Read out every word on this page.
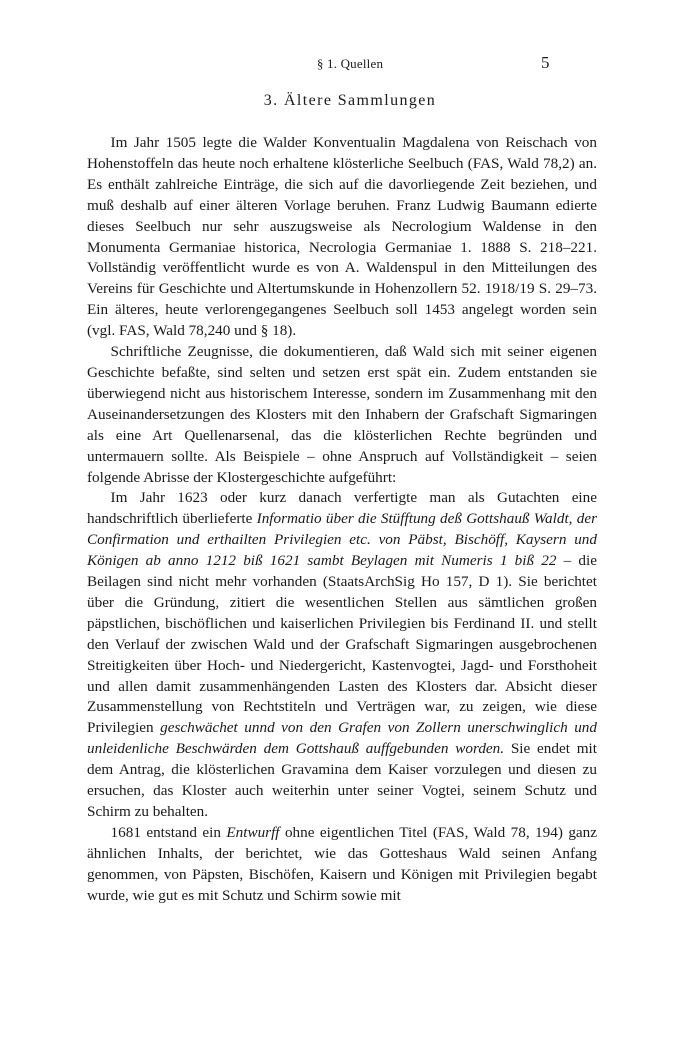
§ 1. Quellen	5
3. Ältere Sammlungen

Im Jahr 1505 legte die Walder Konventualin Magdalena von Reischach von Hohenstoffeln das heute noch erhaltene klösterliche Seelbuch (FAS, Wald 78,2) an. Es enthält zahlreiche Einträge, die sich auf die davorliegende Zeit beziehen, und muß deshalb auf einer älteren Vorlage beruhen. Franz Ludwig Baumann edierte dieses Seelbuch nur sehr auszugsweise als Necrologium Waldense in den Monumenta Germaniae historica, Necrologia Germaniae 1. 1888 S. 218–221. Vollständig veröffentlicht wurde es von A. Waldenspul in den Mitteilungen des Vereins für Geschichte und Altertumskunde in Hohenzollern 52. 1918/19 S. 29–73. Ein älteres, heute verlorengegangenes Seelbuch soll 1453 angelegt worden sein (vgl. FAS, Wald 78,240 und § 18).

Schriftliche Zeugnisse, die dokumentieren, daß Wald sich mit seiner eigenen Geschichte befaßte, sind selten und setzen erst spät ein. Zudem entstanden sie überwiegend nicht aus historischem Interesse, sondern im Zusammenhang mit den Auseinandersetzungen des Klosters mit den Inhabern der Grafschaft Sigmaringen als eine Art Quellenarsenal, das die klösterlichen Rechte begründen und untermauern sollte. Als Beispiele – ohne Anspruch auf Vollständigkeit – seien folgende Abrisse der Klostergeschichte aufgeführt:

Im Jahr 1623 oder kurz danach verfertigte man als Gutachten eine handschriftlich überlieferte Informatio über die Stüfftung deß Gottshauß Waldt, der Confirmation und erthailten Privilegien etc. von Päbst, Bischöff, Kaysern und Königen ab anno 1212 biß 1621 sambt Beylagen mit Numeris 1 biß 22 – die Beilagen sind nicht mehr vorhanden (StaatsArchSig Ho 157, D 1). Sie berichtet über die Gründung, zitiert die wesentlichen Stellen aus sämtlichen großen päpstlichen, bischöflichen und kaiserlichen Privilegien bis Ferdinand II. und stellt den Verlauf der zwischen Wald und der Grafschaft Sigmaringen ausgebrochenen Streitigkeiten über Hoch- und Niedergericht, Kastenvogtei, Jagd- und Forsthoheit und allen damit zusammenhängenden Lasten des Klosters dar. Absicht dieser Zusammenstellung von Rechtstiteln und Verträgen war, zu zeigen, wie diese Privilegien geschwächet unnd von den Grafen von Zollern unerschwinglich und unleidenliche Beschwärden dem Gottshauß auffgebunden worden. Sie endet mit dem Antrag, die klösterlichen Gravamina dem Kaiser vorzulegen und diesen zu ersuchen, das Kloster auch weiterhin unter seiner Vogtei, seinem Schutz und Schirm zu behalten.

1681 entstand ein Entwurff ohne eigentlichen Titel (FAS, Wald 78, 194) ganz ähnlichen Inhalts, der berichtet, wie das Gotteshaus Wald seinen Anfang genommen, von Päpsten, Bischöfen, Kaisern und Königen mit Privilegien begabt wurde, wie gut es mit Schutz und Schirm sowie mit
